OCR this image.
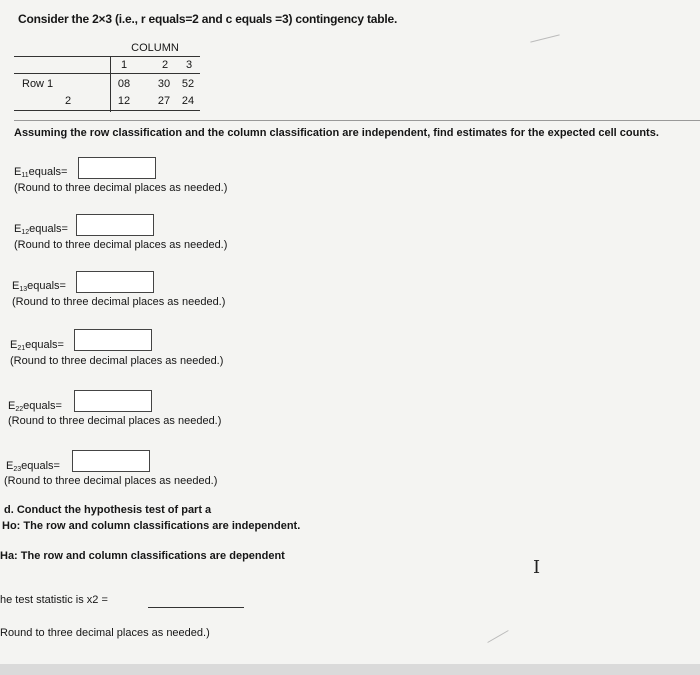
Consider the 2×3 (i.e., r equals=2 and c equals =3) contingency table.
COLUMN
1	2	3
Row 1	08	30	52
2	12	27	24
Assuming the row classification and the column classification are independent, find estimates for the expected cell counts.
$E_{11}equals=$
(Round to three decimal places as needed.)
$E_{12}equals=$
(Round to three decimal places as needed.)
$E_{13}equals=$
(Round to three decimal places as needed.)
$E_{21}equals=$
(Round to three decimal places as needed.)
$E_{22}equals=$
(Round to three decimal places as needed.)
$E_{23}equals=$
(Round to three decimal places as needed.)
d. Conduct the hypothesis test of part a
Ho: The row and column classifications are independent.
Ha: The row and column classifications are dependent
I
he test statistic is x2 =
Round to three decimal places as needed.)
